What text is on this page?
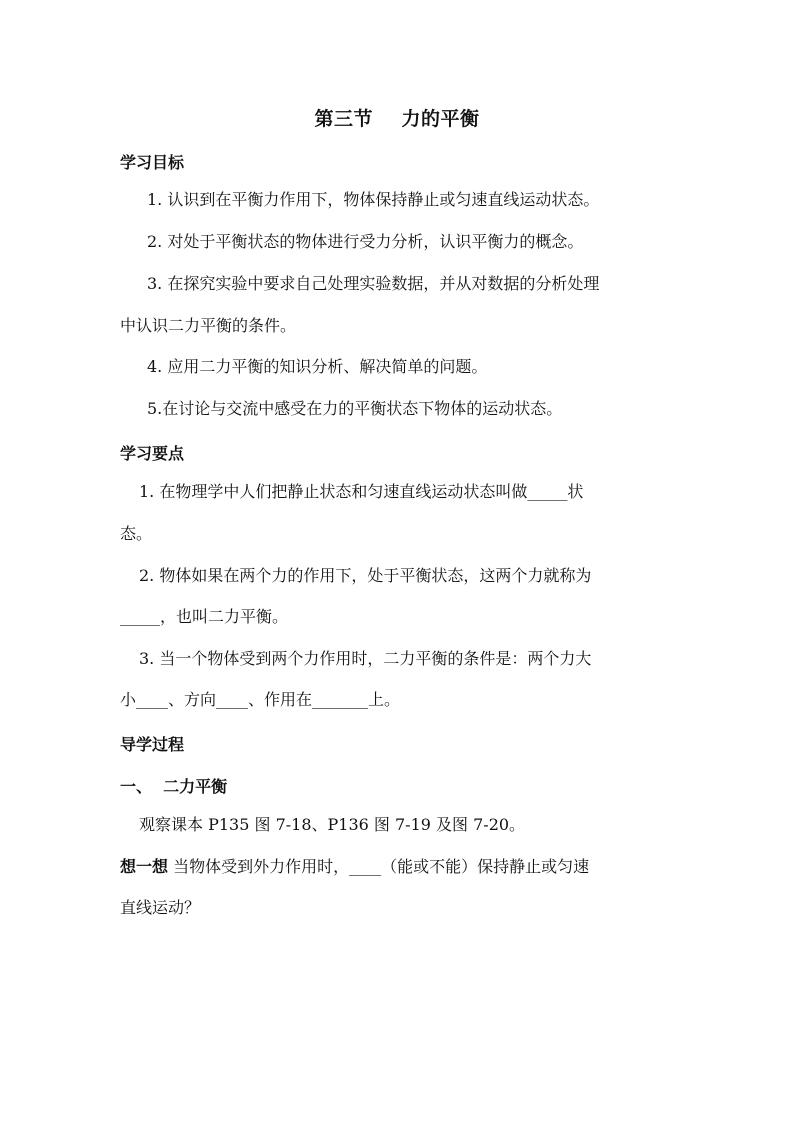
第三节    力的平衡
学习目标
1. 认识到在平衡力作用下，物体保持静止或匀速直线运动状态。
2. 对处于平衡状态的物体进行受力分析，认识平衡力的概念。
3. 在探究实验中要求自己处理实验数据，并从对数据的分析处理
中认识二力平衡的条件。
4. 应用二力平衡的知识分析、解决简单的问题。
5.在讨论与交流中感受在力的平衡状态下物体的运动状态。
学习要点
1. 在物理学中人们把静止状态和匀速直线运动状态叫做_____状
态。
2. 物体如果在两个力的作用下，处于平衡状态，这两个力就称为
_____，也叫二力平衡。
3. 当一个物体受到两个力作用时，二力平衡的条件是：两个力大
小____、方向____、作用在_______上。
导学过程
一、  二力平衡
观察课本 P135 图 7-18、P136 图 7-19 及图 7-20。
想一想 当物体受到外力作用时，____（能或不能）保持静止或匀速
直线运动？
